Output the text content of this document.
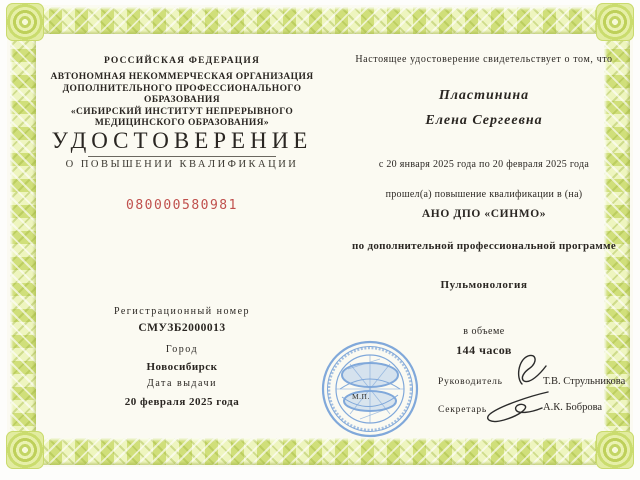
РОССИЙСКАЯ ФЕДЕРАЦИЯ
АВТОНОМНАЯ НЕКОММЕРЧЕСКАЯ ОРГАНИЗАЦИЯ
ДОПОЛНИТЕЛЬНОГО ПРОФЕССИОНАЛЬНОГО ОБРАЗОВАНИЯ
«СИБИРСКИЙ ИНСТИТУТ НЕПРЕРЫВНОГО
МЕДИЦИНСКОГО ОБРАЗОВАНИЯ»
УДОСТОВЕРЕНИЕ
О ПОВЫШЕНИИ КВАЛИФИКАЦИИ
080000580981
Регистрационный номер
СМУЗБ2000013
Город
Новосибирск
Дата выдачи
20 февраля 2025 года
Настоящее удостоверение свидетельствует о том, что
Пластинина
Елена Сергеевна
с 20 января 2025 года по 20 февраля 2025 года
прошел(а) повышение квалификации в (на)
АНО ДПО «СИНМО»
по дополнительной профессиональной программе
Пульмонология
в объеме
144 часов
Руководитель
Секретарь
Т.В. Струльникова
А.К. Боброва
М.П.
